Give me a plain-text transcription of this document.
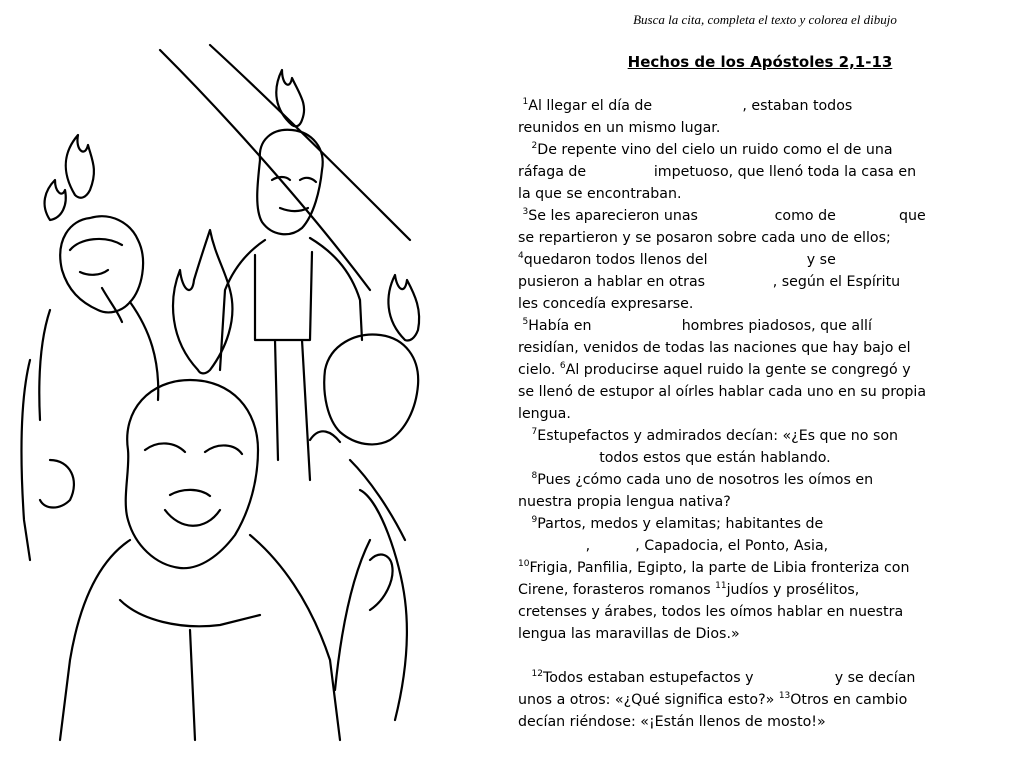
Busca la cita, completa el texto y colorea el dibujo
Hechos de los Apóstoles 2,1-13
$^1$Al llegar el día de	, estaban todos
reunidos en un mismo lugar.
$^2$De repente vino del cielo un ruido como el de una
ráfaga de	impetuoso, que llenó toda la casa en
la que se encontraban.
$^3$Se les aparecieron unas	como de	que
se repartieron y se posaron sobre cada uno de ellos;
$^4$quedaron todos llenos del	y se
pusieron a hablar en otras	, según el Espíritu
les concedía expresarse.
$^5$Había en	hombres piadosos, que allí
residían, venidos de todas las naciones que hay bajo el
cielo. $^6$Al producirse aquel ruido la gente se congregó y
se llenó de estupor al oírles hablar cada uno en su propia
lengua.
$^7$Estupefactos y admirados decían: «¿Es que no son
todos estos que están hablando.
$^8$Pues ¿cómo cada uno de nosotros les oímos en
nuestra propia lengua nativa?
$^9$Partos, medos y elamitas; habitantes de
,	, Capadocia, el Ponto, Asia,
$^{10}$Frigia, Panfilia, Egipto, la parte de Libia fronteriza con
Cirene, forasteros romanos $^{11}$judíos y prosélitos,
cretenses y árabes, todos les oímos hablar en nuestra
lengua las maravillas de Dios.»
$^{12}$Todos estaban estupefactos y	y se decían
unos a otros: «¿Qué significa esto?» $^{13}$Otros en cambio
decían riéndose: «¡Están llenos de mosto!»
